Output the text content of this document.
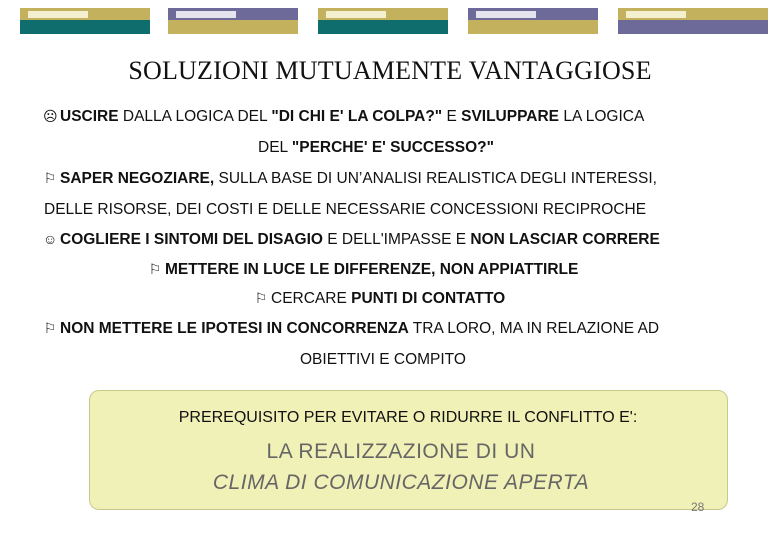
SOLUZIONI MUTUAMENTE VANTAGGIOSE
☹ USCIRE DALLA LOGICA DEL "DI CHI E' LA COLPA?" E SVILUPPARE LA LOGICA
DEL "PERCHE' E' SUCCESSO?"
⚐ SAPER NEGOZIARE, SULLA BASE DI UN’ANALISI REALISTICA DEGLI INTERESSI,
DELLE RISORSE, DEI COSTI E DELLE NECESSARIE CONCESSIONI RECIPROCHE
☺ COGLIERE I SINTOMI DEL DISAGIO E DELL'IMPASSE E NON LASCIAR CORRERE
⚐ METTERE IN LUCE LE DIFFERENZE, NON APPIATTIRLE
⚐ CERCARE PUNTI DI CONTATTO
⚐ NON METTERE LE IPOTESI IN CONCORRENZA TRA LORO, MA IN RELAZIONE AD
OBIETTIVI E COMPITO
PREREQUISITO PER EVITARE O RIDURRE IL CONFLITTO E':
LA REALIZZAZIONE DI UN
CLIMA DI COMUNICAZIONE APERTA
28
